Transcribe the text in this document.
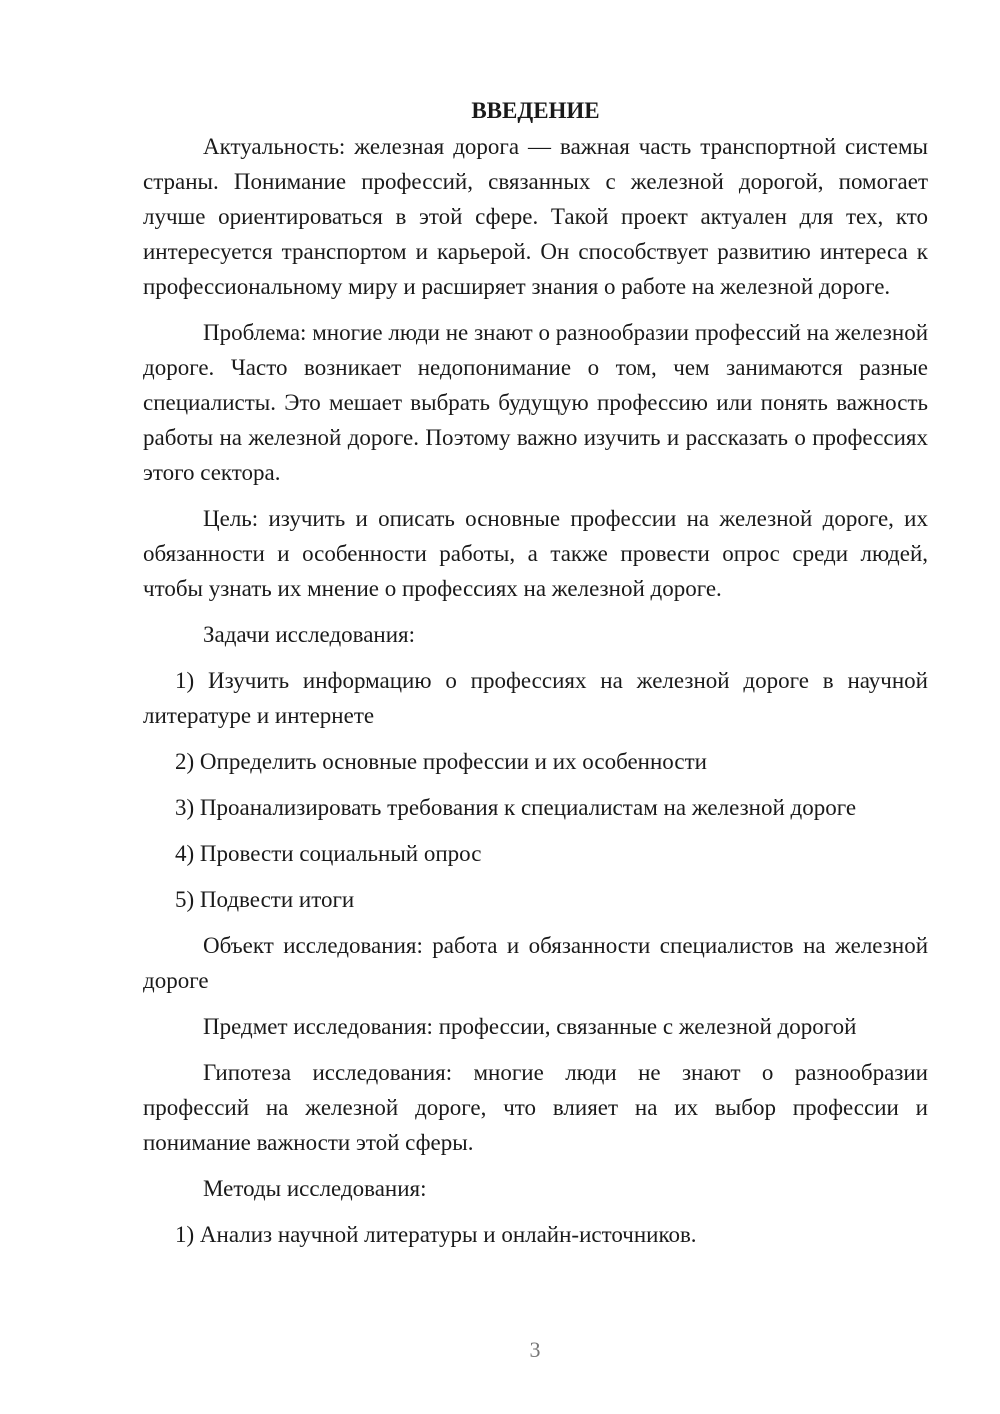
ВВЕДЕНИЕ

Актуальность: железная дорога — важная часть транспортной системы страны. Понимание профессий, связанных с железной дорогой, помогает лучше ориентироваться в этой сфере. Такой проект актуален для тех, кто интересуется транспортом и карьерой. Он способствует развитию интереса к профессиональному миру и расширяет знания о работе на железной дороге.

Проблема: многие люди не знают о разнообразии профессий на железной дороге. Часто возникает недопонимание о том, чем занимаются разные специалисты. Это мешает выбрать будущую профессию или понять важность работы на железной дороге. Поэтому важно изучить и рассказать о профессиях этого сектора.

Цель: изучить и описать основные профессии на железной дороге, их обязанности и особенности работы, а также провести опрос среди людей, чтобы узнать их мнение о профессиях на железной дороге.

Задачи исследования:

1) Изучить информацию о профессиях на железной дороге в научной литературе и интернете

2) Определить основные профессии и их особенности

3) Проанализировать требования к специалистам на железной дороге

4) Провести социальный опрос

5) Подвести итоги

Объект исследования: работа и обязанности специалистов на железной дороге

Предмет исследования: профессии, связанные с железной дорогой

Гипотеза исследования: многие люди не знают о разнообразии профессий на железной дороге, что влияет на их выбор профессии и понимание важности этой сферы.

Методы исследования:

1) Анализ научной литературы и онлайн-источников.

3
